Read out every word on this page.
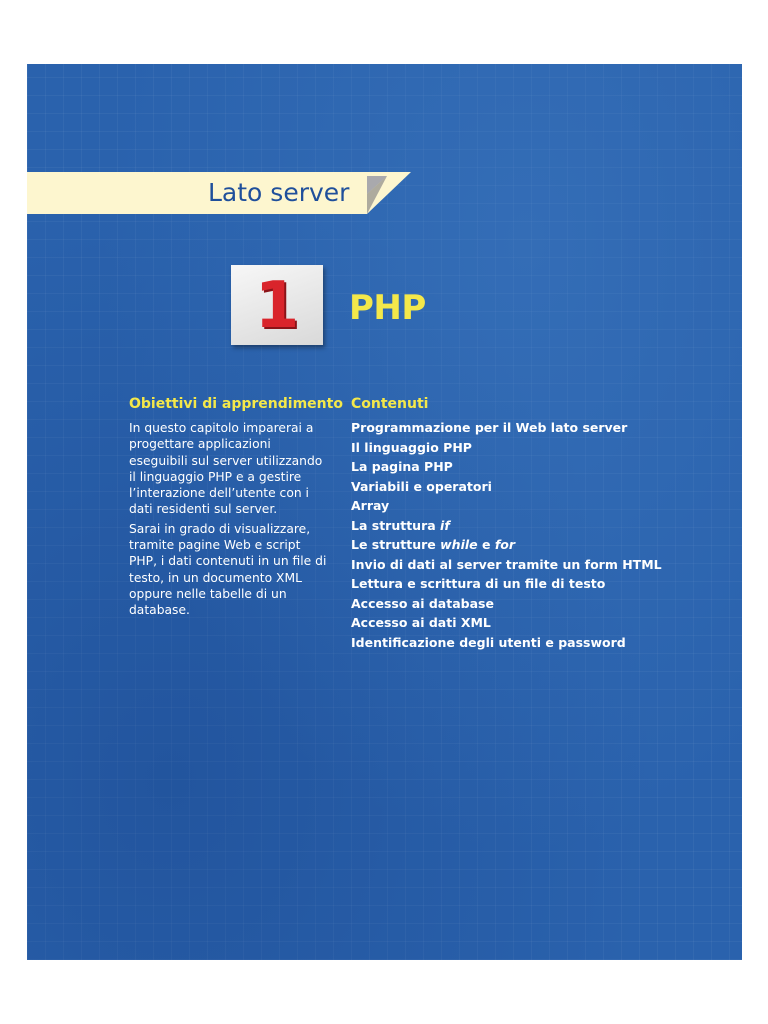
Lato server
1	PHP
Obiettivi di apprendimento

In questo capitolo imparerai a progettare applicazioni eseguibili sul server utilizzando il linguaggio PHP e a gestire l’interazione dell’utente con i dati residenti sul server.

Sarai in grado di visualizzare, tramite pagine Web e script PHP, i dati contenuti in un file di testo, in un documento XML oppure nelle tabelle di un database.

Contenuti
Programmazione per il Web lato server
Il linguaggio PHP
La pagina PHP
Variabili e operatori
Array
La struttura if
Le strutture while e for
Invio di dati al server tramite un form HTML
Lettura e scrittura di un file di testo
Accesso ai database
Accesso ai dati XML
Identificazione degli utenti e password
